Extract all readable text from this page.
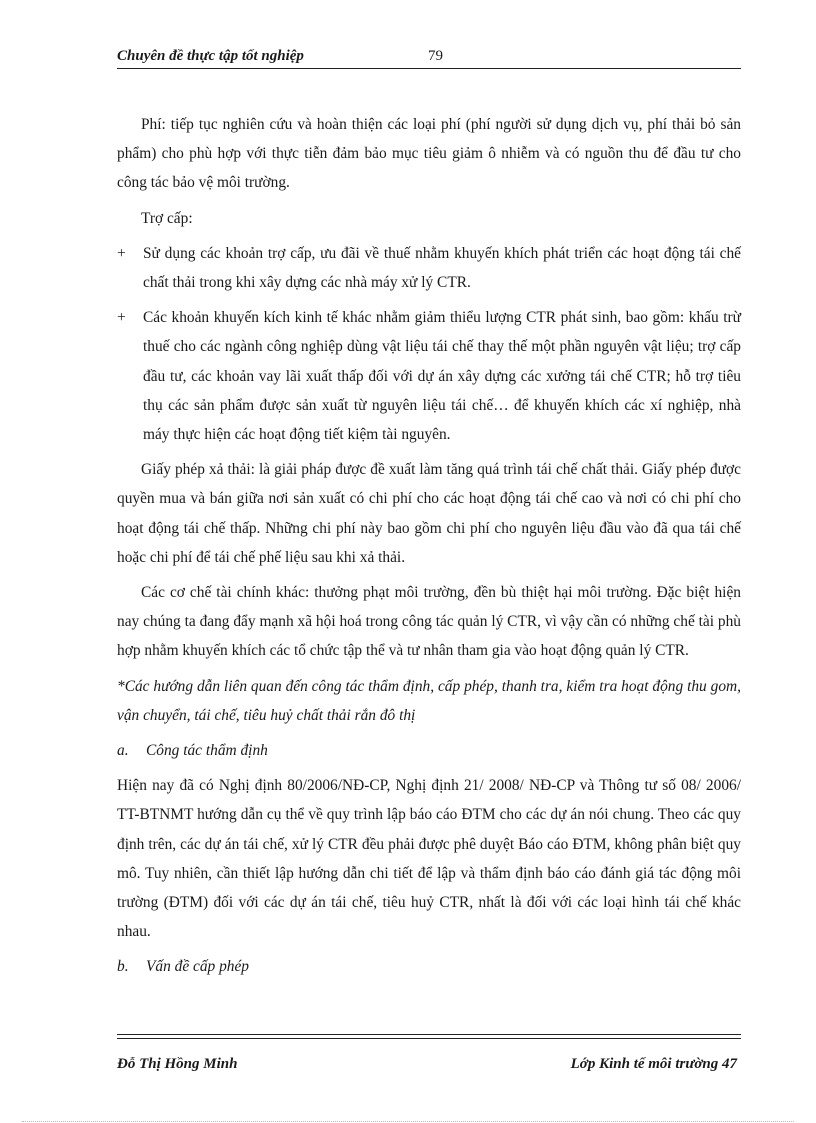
Chuyên đề thực tập tốt nghiệp	79

Phí: tiếp tục nghiên cứu và hoàn thiện các loại phí (phí người sử dụng dịch vụ, phí thải bỏ sản phẩm) cho phù hợp với thực tiễn đảm bảo mục tiêu giảm ô nhiễm và có nguồn thu để đầu tư cho công tác bảo vệ môi trường.

Trợ cấp:

+	Sử dụng các khoản trợ cấp, ưu đãi về thuế nhằm khuyến khích phát triển các hoạt động tái chế chất thải trong khi xây dựng các nhà máy xử lý CTR.
+	Các khoản khuyến kích kinh tế khác nhằm giảm thiểu lượng CTR phát sinh, bao gồm: khấu trừ thuế cho các ngành công nghiệp dùng vật liệu tái chế thay thế một phần nguyên vật liệu; trợ cấp đầu tư, các khoản vay lãi xuất thấp đối với dự án xây dựng các xưởng tái chế CTR; hỗ trợ tiêu thụ các sản phẩm được sản xuất từ nguyên liệu tái chế… để khuyến khích các xí nghiệp, nhà máy thực hiện các hoạt động tiết kiệm tài nguyên.

Giấy phép xả thải: là giải pháp được đề xuất làm tăng quá trình tái chế chất thải. Giấy phép được quyền mua và bán giữa nơi sản xuất có chi phí cho các hoạt động tái chế cao và nơi có chi phí cho hoạt động tái chế thấp. Những chi phí này bao gồm chi phí cho nguyên liệu đầu vào đã qua tái chế hoặc chi phí để tái chế phế liệu sau khi xả thải.

Các cơ chế tài chính khác: thưởng phạt môi trường, đền bù thiệt hại môi trường. Đặc biệt hiện nay chúng ta đang đẩy mạnh xã hội hoá trong công tác quản lý CTR, vì vậy cần có những chế tài phù hợp nhằm khuyến khích các tổ chức tập thể và tư nhân tham gia vào hoạt động quản lý CTR.

*Các hướng dẫn liên quan đến công tác thẩm định, cấp phép, thanh tra, kiểm tra hoạt động thu gom, vận chuyển, tái chế, tiêu huỷ chất thải rắn đô thị

a.	Công tác thẩm định

Hiện nay đã có Nghị định 80/2006/NĐ-CP, Nghị định 21/ 2008/ NĐ-CP và Thông tư số 08/ 2006/ TT-BTNMT hướng dẫn cụ thể về quy trình lập báo cáo ĐTM cho các dự án nói chung. Theo các quy định trên, các dự án tái chế, xử lý CTR đều phải được phê duyệt Báo cáo ĐTM, không phân biệt quy mô. Tuy nhiên, cần thiết lập hướng dẫn chi tiết để lập và thẩm định báo cáo đánh giá tác động môi trường (ĐTM) đối với các dự án tái chế, tiêu huỷ CTR, nhất là đối với các loại hình tái chế khác nhau.

b.	Vấn đề cấp phép
Đỗ Thị Hồng Minh	Lớp Kinh tế môi trường 47
